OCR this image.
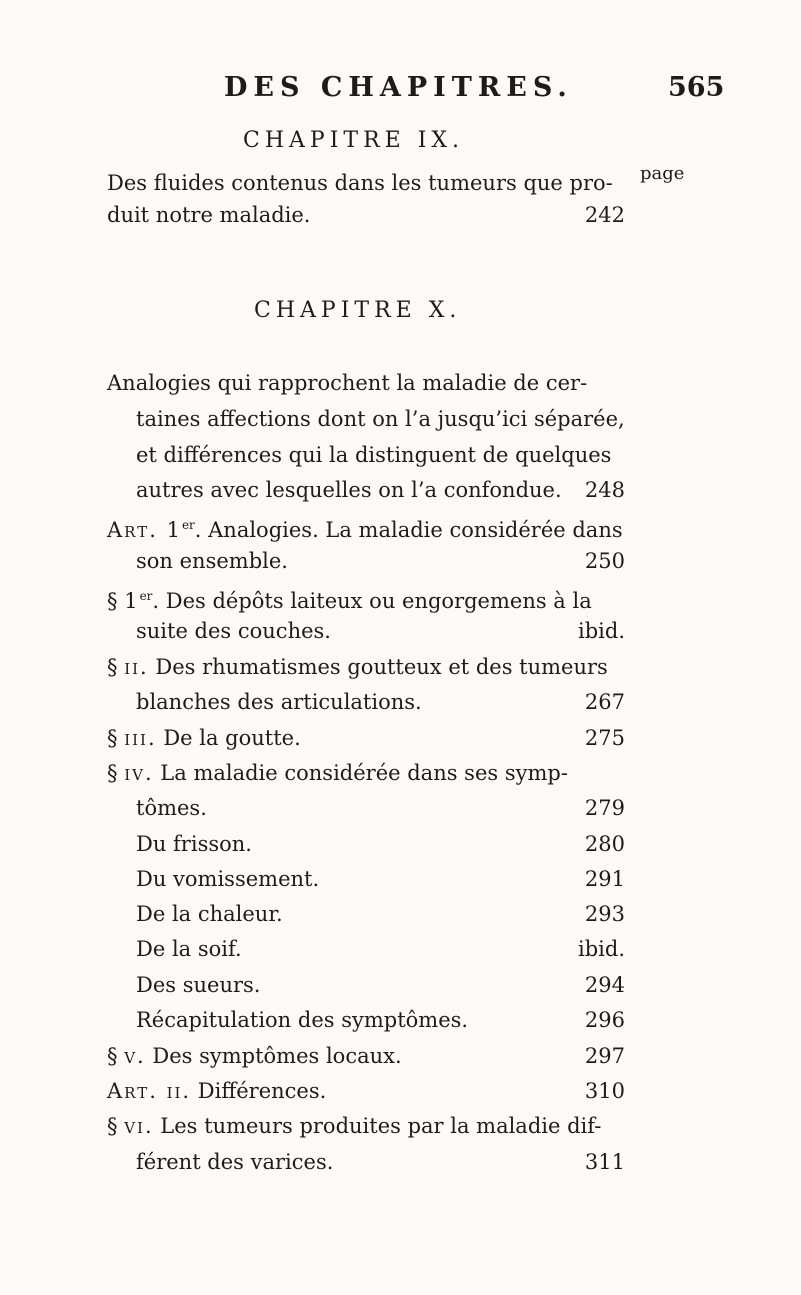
DES CHAPITRES.	565
CHAPITRE IX.
page
CHAPITRE X.
Des fluides contenus dans les tumeurs que pro-
duit notre maladie.	242
Analogies qui rapprochent la maladie de cer-
taines affections dont on l’a jusqu’ici séparée,
et différences qui la distinguent de quelques
autres avec lesquelles on l’a confondue. 248
Art. 1er. Analogies. La maladie considérée dans
son ensemble.	250
§ 1er. Des dépôts laiteux ou engorgemens à la
suite des couches.	ibid.
§ ii. Des rhumatismes goutteux et des tumeurs
blanches des articulations.	267
§ iii. De la goutte.	275
§ iv. La maladie considérée dans ses symp-
tômes.	279
Du frisson.	280
Du vomissement.	291
De la chaleur.	293
De la soif.	ibid.
Des sueurs.	294
Récapitulation des symptômes.	296
§ v. Des symptômes locaux.	297
Art. ii. Différences.	310
§ vi. Les tumeurs produites par la maladie dif-
férent des varices.	311
